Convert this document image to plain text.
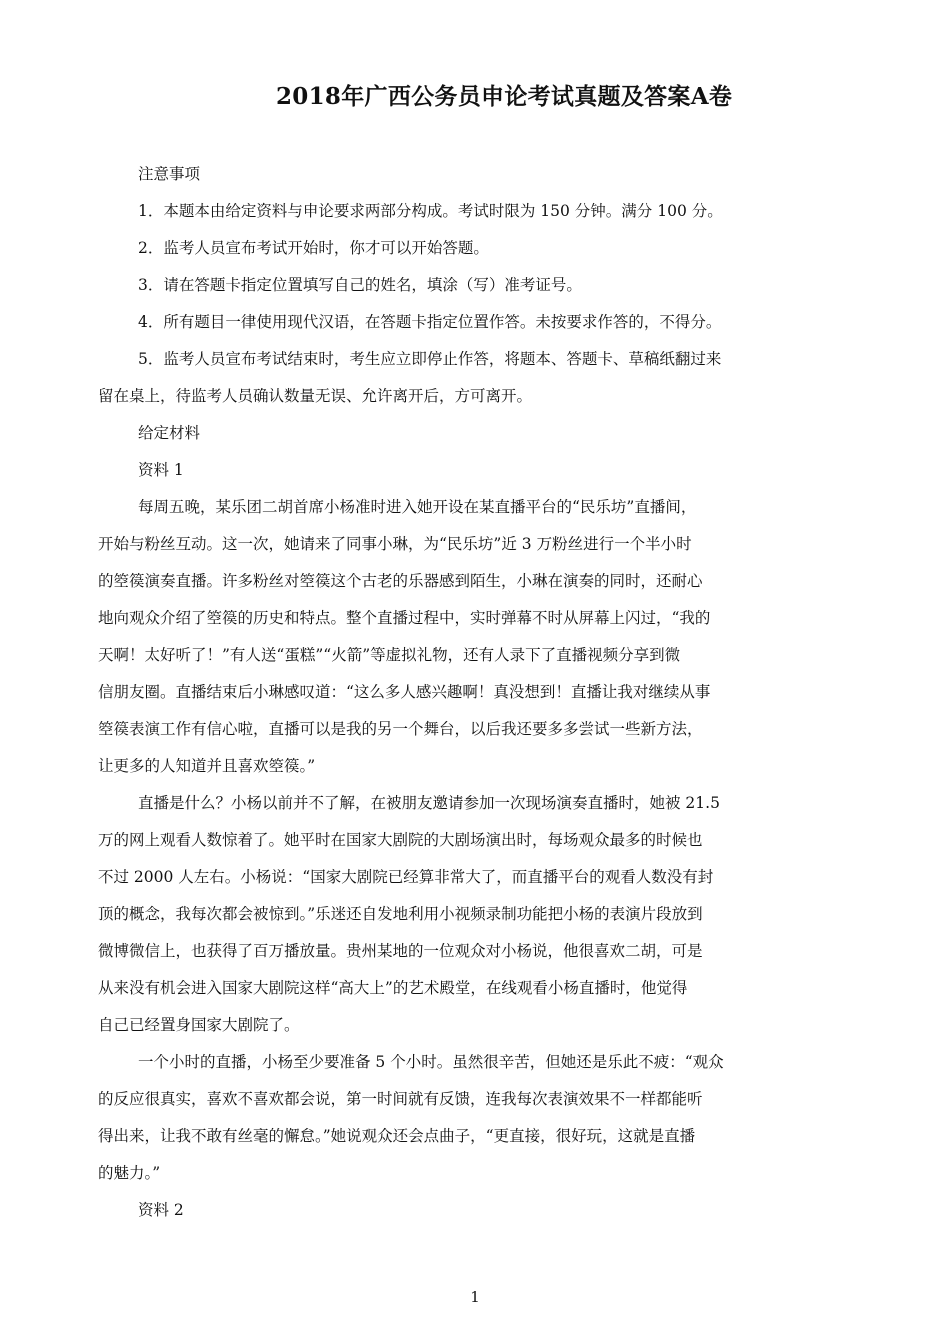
2018年广西公务员申论考试真题及答案A卷
注意事项
1．本题本由给定资料与申论要求两部分构成。考试时限为 150 分钟。满分 100 分。
2．监考人员宣布考试开始时，你才可以开始答题。
3．请在答题卡指定位置填写自己的姓名，填涂（写）准考证号。
4．所有题目一律使用现代汉语，在答题卡指定位置作答。未按要求作答的，不得分。
5．监考人员宣布考试结束时，考生应立即停止作答，将题本、答题卡、草稿纸翻过来
留在桌上，待监考人员确认数量无误、允许离开后，方可离开。
给定材料
资料 1
每周五晚，某乐团二胡首席小杨准时进入她开设在某直播平台的“民乐坊”直播间，
开始与粉丝互动。这一次，她请来了同事小琳，为“民乐坊”近 3 万粉丝进行一个半小时
的箜篌演奏直播。许多粉丝对箜篌这个古老的乐器感到陌生，小琳在演奏的同时，还耐心
地向观众介绍了箜篌的历史和特点。整个直播过程中，实时弹幕不时从屏幕上闪过，“我的
天啊！太好听了！”有人送“蛋糕”“火箭”等虚拟礼物，还有人录下了直播视频分享到微
信朋友圈。直播结束后小琳感叹道：“这么多人感兴趣啊！真没想到！直播让我对继续从事
箜篌表演工作有信心啦，直播可以是我的另一个舞台，以后我还要多多尝试一些新方法，
让更多的人知道并且喜欢箜篌。”
直播是什么？小杨以前并不了解，在被朋友邀请参加一次现场演奏直播时，她被 21.5
万的网上观看人数惊着了。她平时在国家大剧院的大剧场演出时，每场观众最多的时候也
不过 2000 人左右。小杨说：“国家大剧院已经算非常大了，而直播平台的观看人数没有封
顶的概念，我每次都会被惊到。”乐迷还自发地利用小视频录制功能把小杨的表演片段放到
微博微信上，也获得了百万播放量。贵州某地的一位观众对小杨说，他很喜欢二胡，可是
从来没有机会进入国家大剧院这样“高大上”的艺术殿堂，在线观看小杨直播时，他觉得
自己已经置身国家大剧院了。
一个小时的直播，小杨至少要准备 5 个小时。虽然很辛苦，但她还是乐此不疲：“观众
的反应很真实，喜欢不喜欢都会说，第一时间就有反馈，连我每次表演效果不一样都能听
得出来，让我不敢有丝毫的懈怠。”她说观众还会点曲子，“更直接，很好玩，这就是直播
的魅力。”
资料 2
1
